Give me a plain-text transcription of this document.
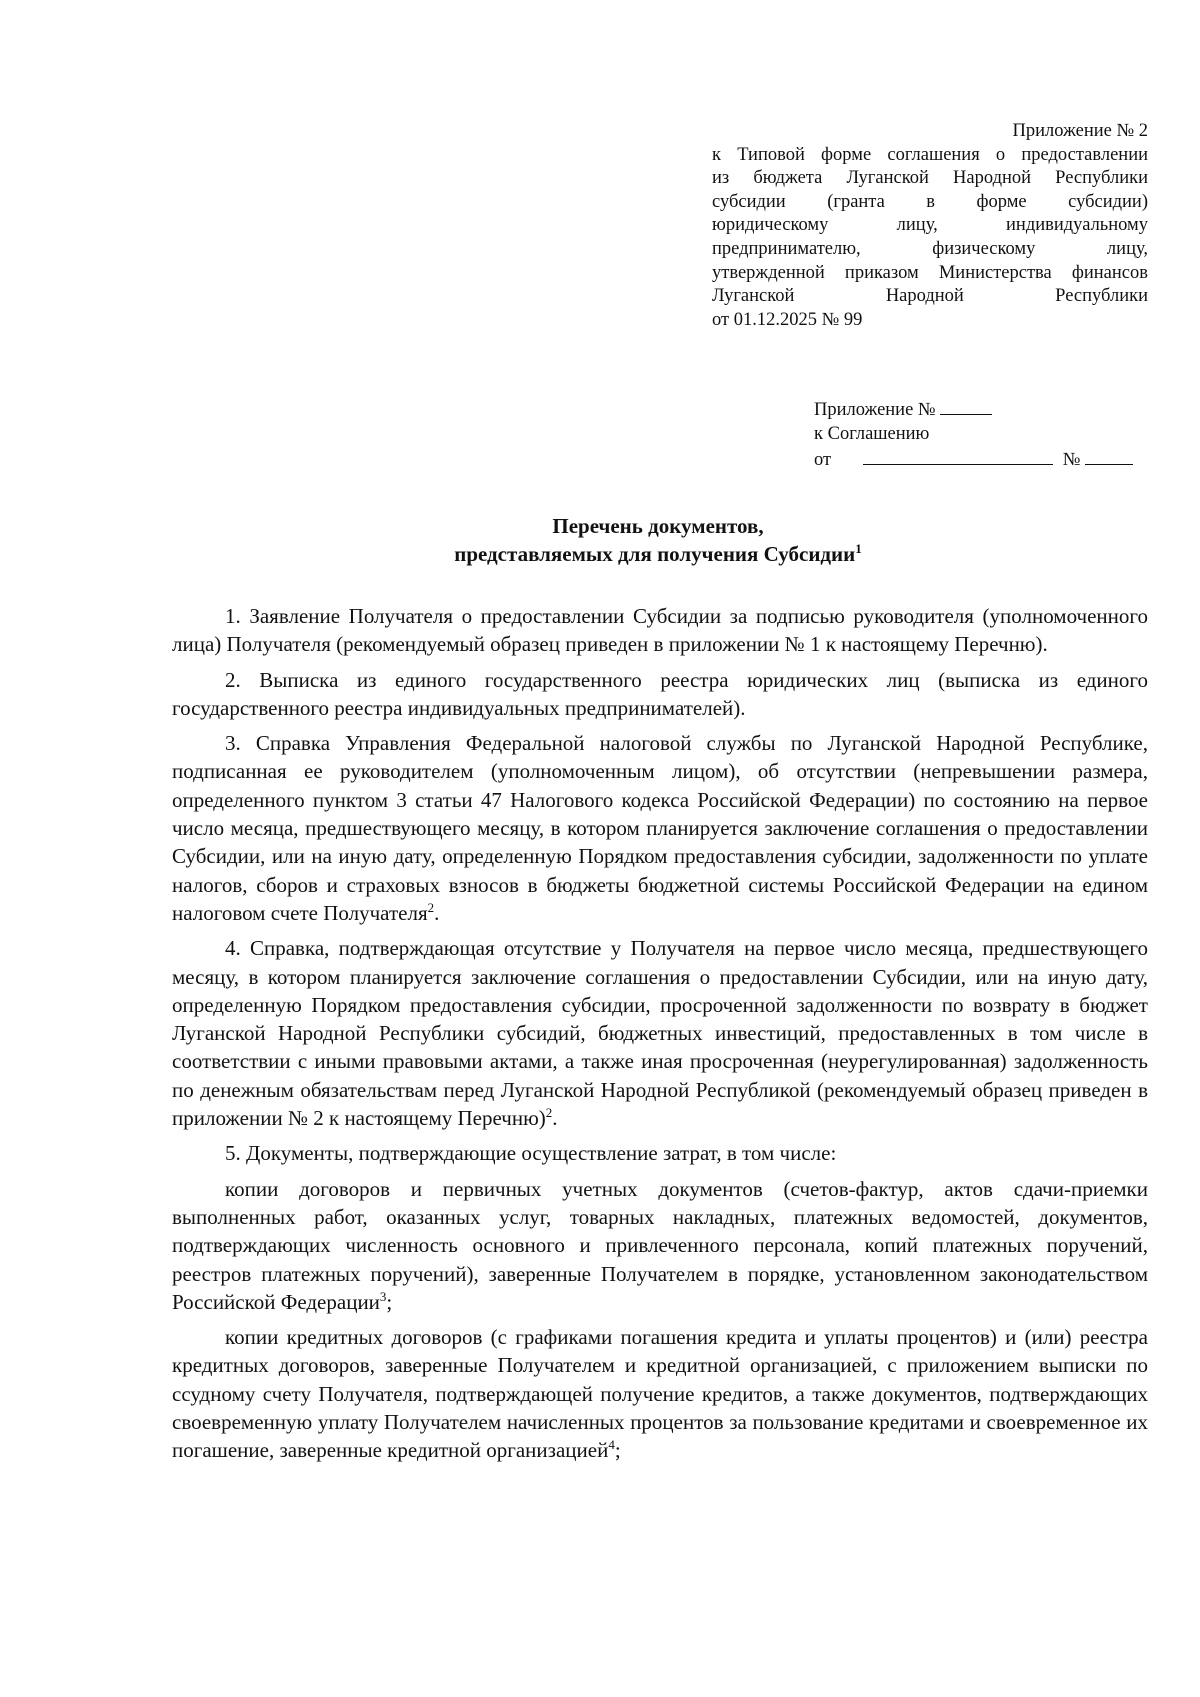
Приложение № 2
к Типовой форме соглашения о предоставлении
из бюджета Луганской Народной Республики
субсидии (гранта в форме субсидии)
юридическому лицу, индивидуальному
предпринимателю, физическому лицу,
утвержденной приказом Министерства финансов
Луганской Народной Республики
от 01.12.2025 № 99
Приложение №
к Соглашению
от	№
Перечень документов,
представляемых для получения Субсидии$^1$

1. Заявление Получателя о предоставлении Субсидии за подписью руководителя (уполномоченного лица) Получателя (рекомендуемый образец приведен в приложении № 1 к настоящему Перечню).

2. Выписка из единого государственного реестра юридических лиц (выписка из единого государственного реестра индивидуальных предпринимателей).

3. Справка Управления Федеральной налоговой службы по Луганской Народной Республике, подписанная ее руководителем (уполномоченным лицом), об отсутствии (непревышении размера, определенного пунктом 3 статьи 47 Налогового кодекса Российской Федерации) по состоянию на первое число месяца, предшествующего месяцу, в котором планируется заключение соглашения о предоставлении Субсидии, или на иную дату, определенную Порядком предоставления субсидии, задолженности по уплате налогов, сборов и страховых взносов в бюджеты бюджетной системы Российской Федерации на едином налоговом счете Получателя$^2$.

4. Справка, подтверждающая отсутствие у Получателя на первое число месяца, предшествующего месяцу, в котором планируется заключение соглашения о предоставлении Субсидии, или на иную дату, определенную Порядком предоставления субсидии, просроченной задолженности по возврату в бюджет Луганской Народной Республики субсидий, бюджетных инвестиций, предоставленных в том числе в соответствии с иными правовыми актами, а также иная просроченная (неурегулированная) задолженность по денежным обязательствам перед Луганской Народной Республикой (рекомендуемый образец приведен в приложении № 2 к настоящему Перечню)$^2$.

5. Документы, подтверждающие осуществление затрат, в том числе:

копии договоров и первичных учетных документов (счетов-фактур, актов сдачи-приемки выполненных работ, оказанных услуг, товарных накладных, платежных ведомостей, документов, подтверждающих численность основного и привлеченного персонала, копий платежных поручений, реестров платежных поручений), заверенные Получателем в порядке, установленном законодательством Российской Федерации$^3$;

копии кредитных договоров (с графиками погашения кредита и уплаты процентов) и (или) реестра кредитных договоров, заверенные Получателем и кредитной организацией, с приложением выписки по ссудному счету Получателя, подтверждающей получение кредитов, а также документов, подтверждающих своевременную уплату Получателем начисленных процентов за пользование кредитами и своевременное их погашение, заверенные кредитной организацией$^4$;
